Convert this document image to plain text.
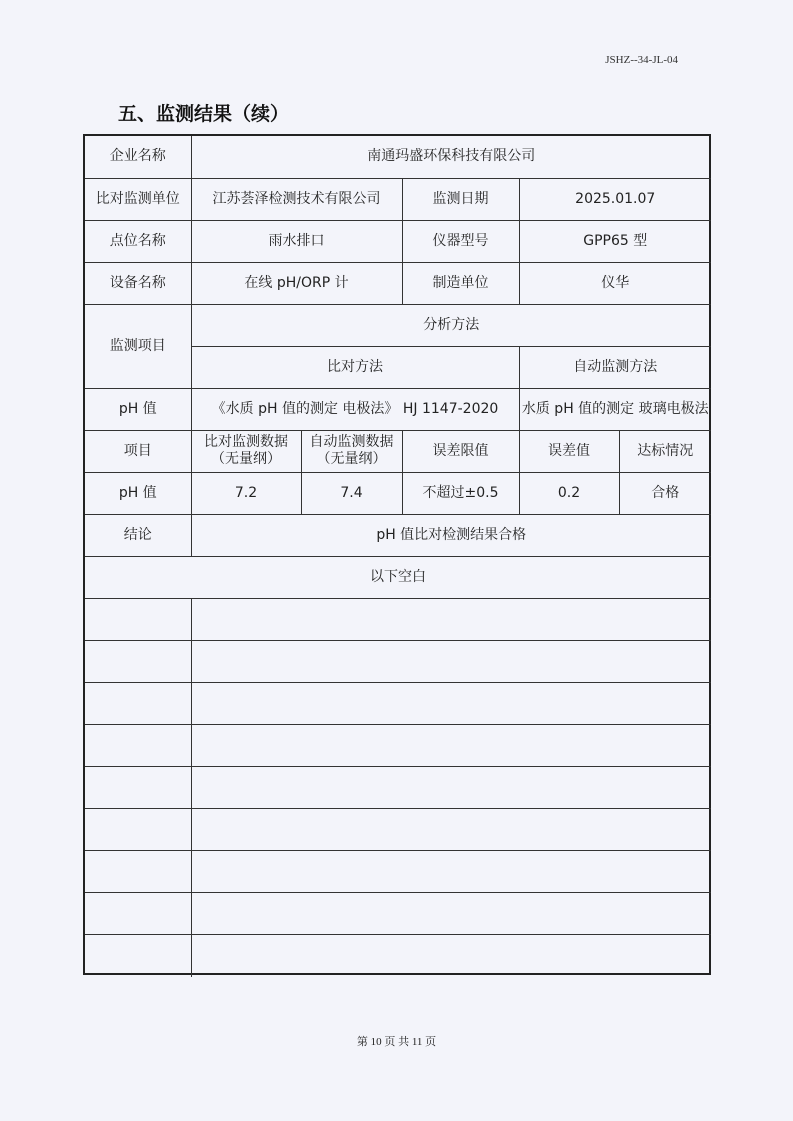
JSHZ--34-JL-04
五、监测结果（续）
企业名称	南通玛盛环保科技有限公司				
比对监测单位	江苏荟泽检测技术有限公司		监测日期	2025.01.07	
点位名称	雨水排口		仪器型号	GPP65 型	
设备名称	在线 pH/ORP 计		制造单位	仪华	
监测项目	分析方法				
	比对方法			自动监测方法	
pH 值	《水质 pH 值的测定 电极法》 HJ 1147-2020			水质 pH 值的测定 玻璃电极法	
项目	比对监测数据（无量纲）	自动监测数据（无量纲）	误差限值	误差值	达标情况
pH 值	7.2	7.4	不超过±0.5	0.2	合格
结论	pH 值比对检测结果合格				
以下空白					

第 10 页 共 11 页
